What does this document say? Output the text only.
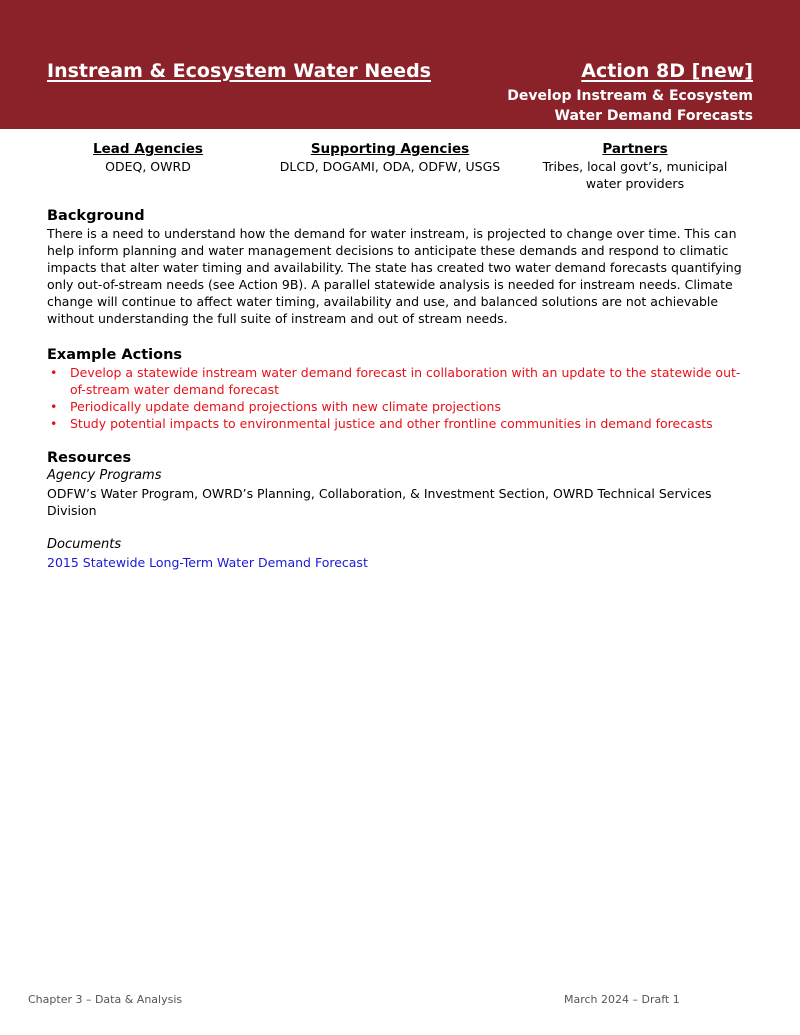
Instream & Ecosystem Water Needs	Action 8D [new]
Develop Instream & Ecosystem
Water Demand Forecasts
Lead Agencies
ODEQ, OWRD
Supporting Agencies
DLCD, DOGAMI, ODA, ODFW, USGS
Partners
Tribes, local govt’s, municipal
water providers
Background
There is a need to understand how the demand for water instream, is projected to change over time. This can help inform planning and water management decisions to anticipate these demands and respond to climatic impacts that alter water timing and availability. The state has created two water demand forecasts quantifying only out-of-stream needs (see Action 9B). A parallel statewide analysis is needed for instream needs. Climate change will continue to affect water timing, availability and use, and balanced solutions are not achievable without understanding the full suite of instream and out of stream needs.
Example Actions
• Develop a statewide instream water demand forecast in collaboration with an update to the statewide out-of-stream water demand forecast
• Periodically update demand projections with new climate projections
• Study potential impacts to environmental justice and other frontline communities in demand forecasts
Resources
Agency Programs
ODFW’s Water Program, OWRD’s Planning, Collaboration, & Investment Section, OWRD Technical Services Division
Documents
2015 Statewide Long-Term Water Demand Forecast
Chapter 3 – Data & Analysis	March 2024 – Draft 1
